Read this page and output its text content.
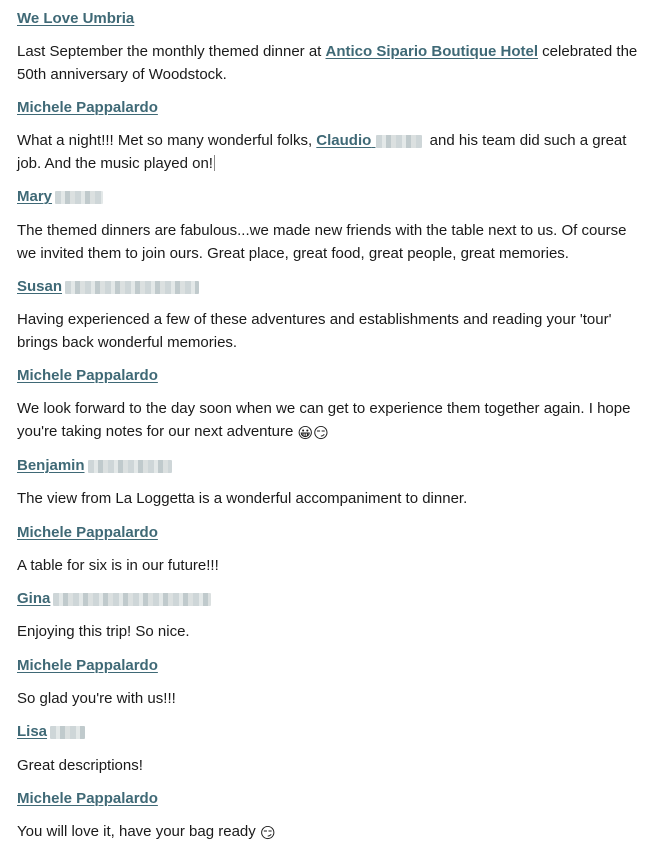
We Love Umbria
Last September the monthly themed dinner at Antico Sipario Boutique Hotel celebrated the 50th anniversary of Woodstock.
Michele Pappalardo
What a night!!! Met so many wonderful folks, Claudio	and his team did such a great job. And the music played on!
Mary
The themed dinners are fabulous...we made new friends with the table next to us. Of course we invited them to join ours. Great place, great food, great people, great memories.
Susan
Having experienced a few of these adventures and establishments and reading your 'tour' brings back wonderful memories.
Michele Pappalardo
We look forward to the day soon when we can get to experience them together again. I hope you're taking notes for our next adventure 😀😏
Benjamin
The view from La Loggetta is a wonderful accompaniment to dinner.
Michele Pappalardo
A table for six is in our future!!!
Gina
Enjoying this trip! So nice.
Michele Pappalardo
So glad you're with us!!!
Lisa
Great descriptions!
Michele Pappalardo
You will love it, have your bag ready 😏
